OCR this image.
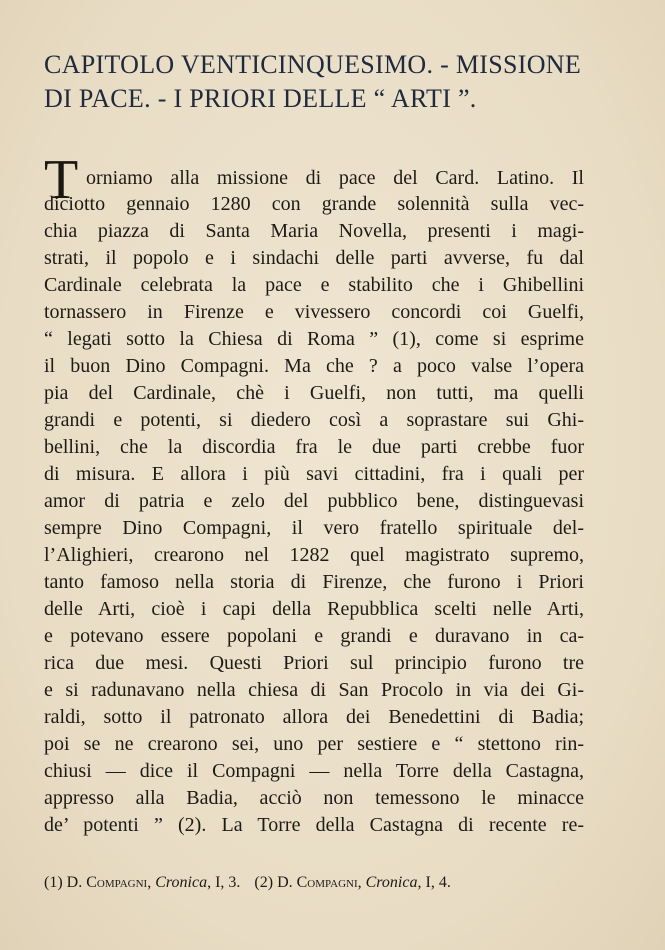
CAPITOLO VENTICINQUESIMO. - MISSIONE
DI PACE. - I PRIORI DELLE “ ARTI ”.
T orniamo alla missione di pace del Card. Latino. Il
diciotto gennaio 1280 con grande solennità sulla vec-
chia piazza di Santa Maria Novella, presenti i magi-
strati, il popolo e i sindachi delle parti avverse, fu dal
Cardinale celebrata la pace e stabilito che i Ghibellini
tornassero in Firenze e vivessero concordi coi Guelfi,
“ legati sotto la Chiesa di Roma ” (1), come si esprime
il buon Dino Compagni. Ma che ? a poco valse l’opera
pia del Cardinale, chè i Guelfi, non tutti, ma quelli
grandi e potenti, si diedero così a soprastare sui Ghi-
bellini, che la discordia fra le due parti crebbe fuor
di misura. E allora i più savi cittadini, fra i quali per
amor di patria e zelo del pubblico bene, distinguevasi
sempre Dino Compagni, il vero fratello spirituale del-
l’Alighieri, crearono nel 1282 quel magistrato supremo,
tanto famoso nella storia di Firenze, che furono i Priori
delle Arti, cioè i capi della Repubblica scelti nelle Arti,
e potevano essere popolani e grandi e duravano in ca-
rica due mesi. Questi Priori sul principio furono tre
e si radunavano nella chiesa di San Procolo in via dei Gi-
raldi, sotto il patronato allora dei Benedettini di Badia;
poi se ne crearono sei, uno per sestiere e “ stettono rin-
chiusi — dice il Compagni — nella Torre della Castagna,
appresso alla Badia, acciò non temessono le minacce
de’ potenti ” (2). La Torre della Castagna di recente re-
(1) D. Compagni, Cronica, I, 3. (2) D. Compagni, Cronica, I, 4.
